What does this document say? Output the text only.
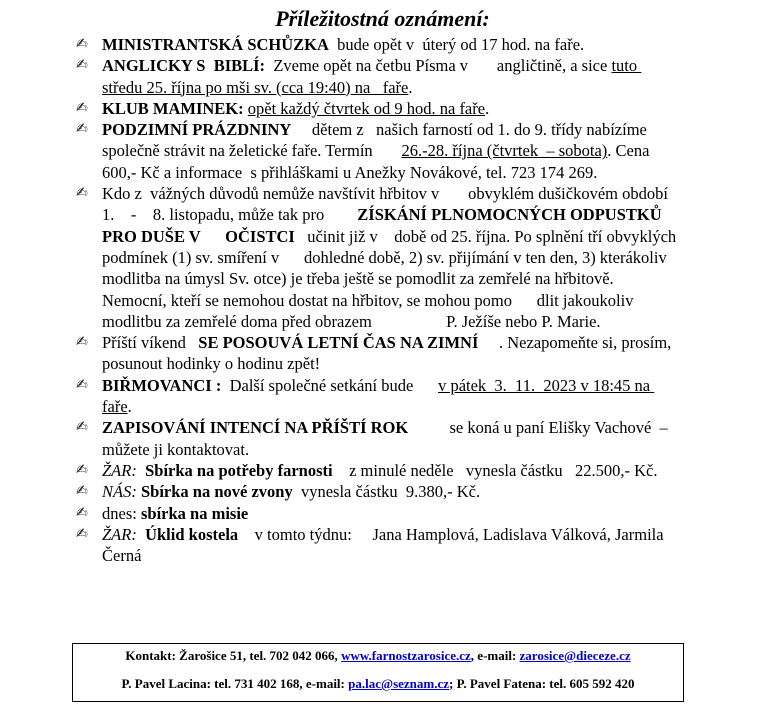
Příležitostná oznámení:
✍ MINISTRANTSKÁ SCHŮZKA  bude opět v  úterý od 17 hod. na faře.
✍ ANGLICKY S  BIBLÍ:  Zveme opět na četbu Písma v       angličtině, a sice tuto středu 25. října po mši sv. (cca 19:40) na   faře.
✍ KLUB MAMINEK: opět každý čtvrtek od 9 hod. na faře.
✍ PODZIMNÍ PRÁZDNINY     dětem z   našich farností od 1. do 9. třídy nabízíme společně strávit na želetické faře. Termín       26.-28. října (čtvrtek  – sobota). Cena                    600,- Kč a informace  s přihláškami u Anežky Novákové, tel. 723 174 269.
✍ Kdo z  vážných důvodů nemůže navštívit hřbitov v       obvyklém dušičkovém období 1.    -    8. listopadu, může tak pro        ZÍSKÁNÍ PLNOMOCNÝCH ODPUSTKŮ PRO DUŠE V      OČISTCI   učinit již v    době od 25. října. Po splnění tří obvyklých podmínek (1) sv. smíření v      dohledné době, 2) sv. přijímání v ten den, 3) kterákoliv modlitba na úmysl Sv. otce) je třeba ještě se pomodlit za zemřelé na hřbitově. Nemocní, kteří se nemohou dostat na hřbitov, se mohou pomo      dlit jakoukoliv modlitbu za zemřelé doma před obrazem                  P. Ježíše nebo P. Marie.
✍ Příští víkend   SE POSOUVÁ LETNÍ ČAS NA ZIMNÍ     . Nezapomeňte si, prosím, posunout hodinky o hodinu zpět!
✍ BIŘMOVANCI :  Další společné setkání bude      v pátek  3.  11.  2023 v 18:45 na faře.
✍ ZAPISOVÁNÍ INTENCÍ NA PŘÍŠTÍ ROK          se koná u paní Elišky Vachové  – můžete ji kontaktovat.
✍ ŽAR: Sbírka na potřeby farnosti    z minulé neděle   vynesla částku   22.500,- Kč.
✍ NÁS: Sbírka na nové zvony  vynesla částku  9.380,- Kč.
✍ dnes: sbírka na misie
✍ ŽAR: Úklid kostela    v tomto týdnu:     Jana Hamplová, Ladislava Válková, Jarmila Černá
Kontakt: Žarošice 51, tel. 702 042 066, www.farnostzarosice.cz, e-mail: zarosice@dieceze.cz
P. Pavel Lacina: tel. 731 402 168, e-mail: pa.lac@seznam.cz; P. Pavel Fatena: tel. 605 592 420
